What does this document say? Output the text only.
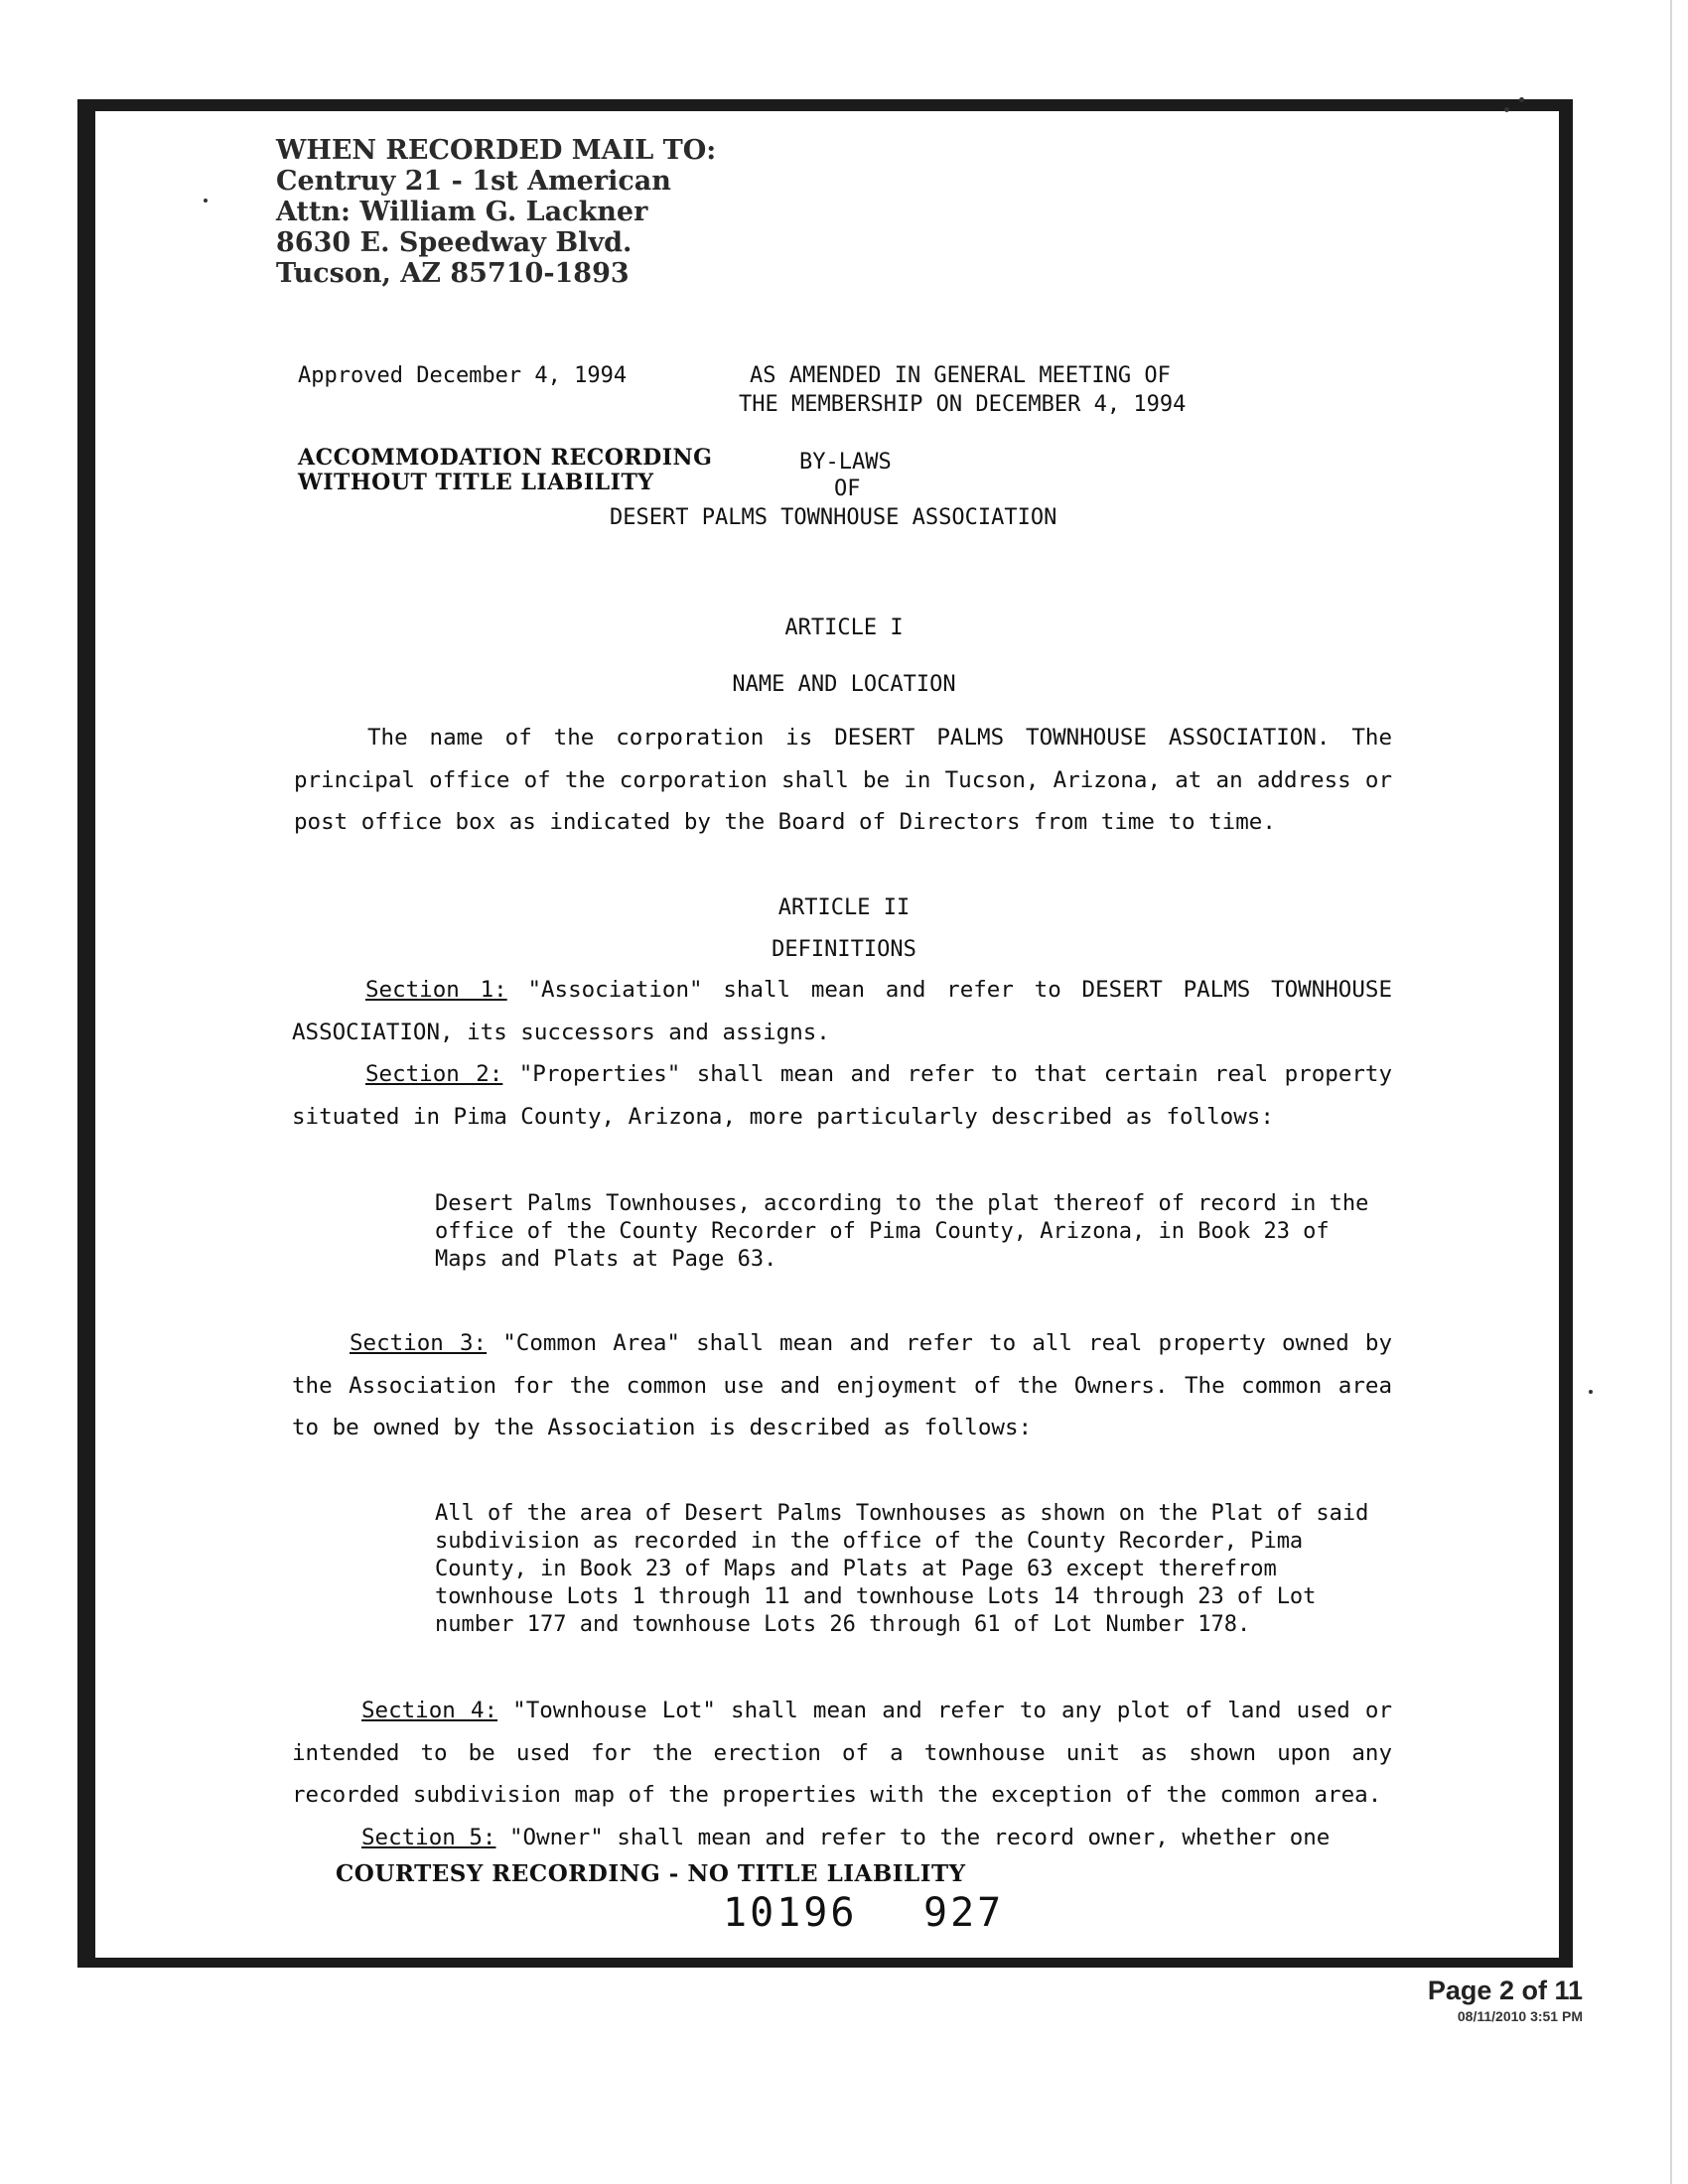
WHEN RECORDED MAIL TO:
Centruy 21 - 1st American
Attn: William G. Lackner
8630 E. Speedway Blvd.
Tucson, AZ 85710-1893
Approved December 4, 1994	AS AMENDED IN GENERAL MEETING OF
THE MEMBERSHIP ON DECEMBER 4, 1994
ACCOMMODATION RECORDING
WITHOUT TITLE LIABILITY
BY-LAWS
OF
DESERT PALMS TOWNHOUSE ASSOCIATION
ARTICLE I
NAME AND LOCATION
The name of the corporation is DESERT PALMS TOWNHOUSE ASSOCIATION. The principal office of the corporation shall be in Tucson, Arizona, at an address or post office box as indicated by the Board of Directors from time to time.
ARTICLE II
DEFINITIONS
Section 1: "Association" shall mean and refer to DESERT PALMS TOWNHOUSE ASSOCIATION, its successors and assigns.
Section 2: "Properties" shall mean and refer to that certain real property situated in Pima County, Arizona, more particularly described as follows:
Desert Palms Townhouses, according to the plat thereof of record in the office of the County Recorder of Pima County, Arizona, in Book 23 of Maps and Plats at Page 63.
Section 3: "Common Area" shall mean and refer to all real property owned by the Association for the common use and enjoyment of the Owners. The common area to be owned by the Association is described as follows:
All of the area of Desert Palms Townhouses as shown on the Plat of said subdivision as recorded in the office of the County Recorder, Pima County, in Book 23 of Maps and Plats at Page 63 except therefrom townhouse Lots 1 through 11 and townhouse Lots 14 through 23 of Lot number 177 and townhouse Lots 26 through 61 of Lot Number 178.
Section 4: "Townhouse Lot" shall mean and refer to any plot of land used or intended to be used for the erection of a townhouse unit as shown upon any recorded subdivision map of the properties with the exception of the common area.
Section 5: "Owner" shall mean and refer to the record owner, whether one
COURTESY RECORDING - NO TITLE LIABILITY
10196 927
Page 2 of 11
08/11/2010 3:51 PM
